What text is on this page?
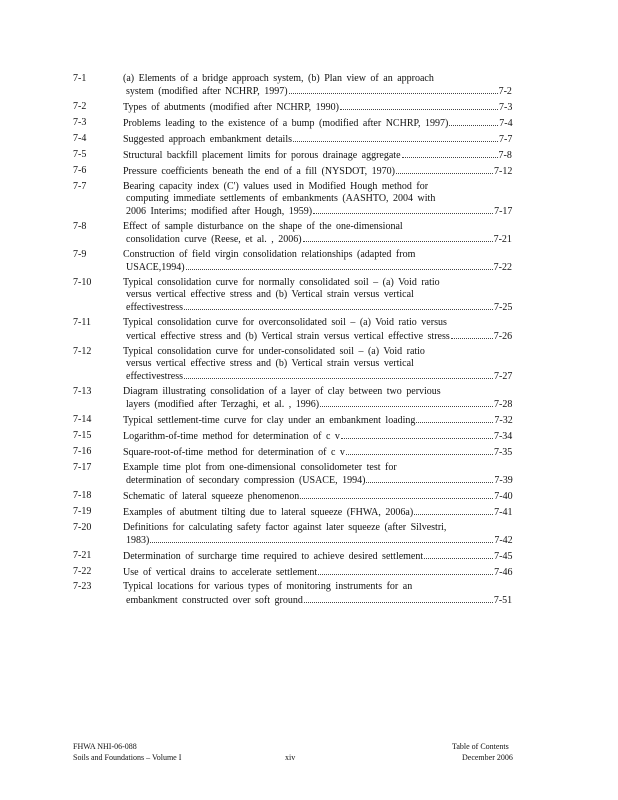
7-1	(a) Elements of a bridge approach system, (b) Plan view of an approach
system (modified after NCHRP, 1997)	7-2
7-2	Types of abutments (modified after NCHRP, 1990)	7-3
7-3	Problems leading to the existence of a bump (modified after NCHRP, 1997)	7-4
7-4	Suggested approach embankment details	7-7
7-5	Structural backfill placement limits for porous drainage aggregate	7-8
7-6	Pressure coefficients beneath the end of a fill (NYSDOT, 1970)	7-12
7-7	Bearing capacity index (C') values used in Modified Hough method for
computing immediate settlements of embankments (AASHTO, 2004 with
2006 Interims; modified after Hough, 1959)	7-17
7-8	Effect of sample disturbance on the shape of the one-dimensional
consolidation curve (Reese, et al. , 2006)	7-21
7-9	Construction of field virgin consolidation relationships (adapted from
USACE,1994)	7-22
7-10	Typical consolidation curve for normally consolidated soil – (a) Void ratio
versus vertical effective stress and (b) Vertical strain versus vertical
effectivestress	7-25
7-11	Typical consolidation curve for overconsolidated soil – (a) Void ratio versus
vertical effective stress and (b) Vertical strain versus vertical effective stress	7-26
7-12	Typical consolidation curve for under-consolidated soil – (a) Void ratio
versus vertical effective stress and (b) Vertical strain versus vertical
effectivestress	7-27
7-13	Diagram illustrating consolidation of a layer of clay between two pervious
layers (modified after Terzaghi, et al. , 1996)	7-28
7-14	Typical settlement-time curve for clay under an embankment loading	7-32
7-15	Logarithm-of-time method for determination of c v	7-34
7-16	Square-root-of-time method for determination of c v	7-35
7-17	Example time plot from one-dimensional consolidometer test for
determination of secondary compression (USACE, 1994)	7-39
7-18	Schematic of lateral squeeze phenomenon	7-40
7-19	Examples of abutment tilting due to lateral squeeze (FHWA, 2006a)	7-41
7-20	Definitions for calculating safety factor against later squeeze (after Silvestri,
1983)	7-42
7-21	Determination of surcharge time required to achieve desired settlement	7-45
7-22	Use of vertical drains to accelerate settlement	7-46
7-23	Typical locations for various types of monitoring instruments for an
embankment constructed over soft ground	7-51
FHWA NHI-06-088
Soils and Foundations – Volume I	xiv
Table of Contents
December 2006
